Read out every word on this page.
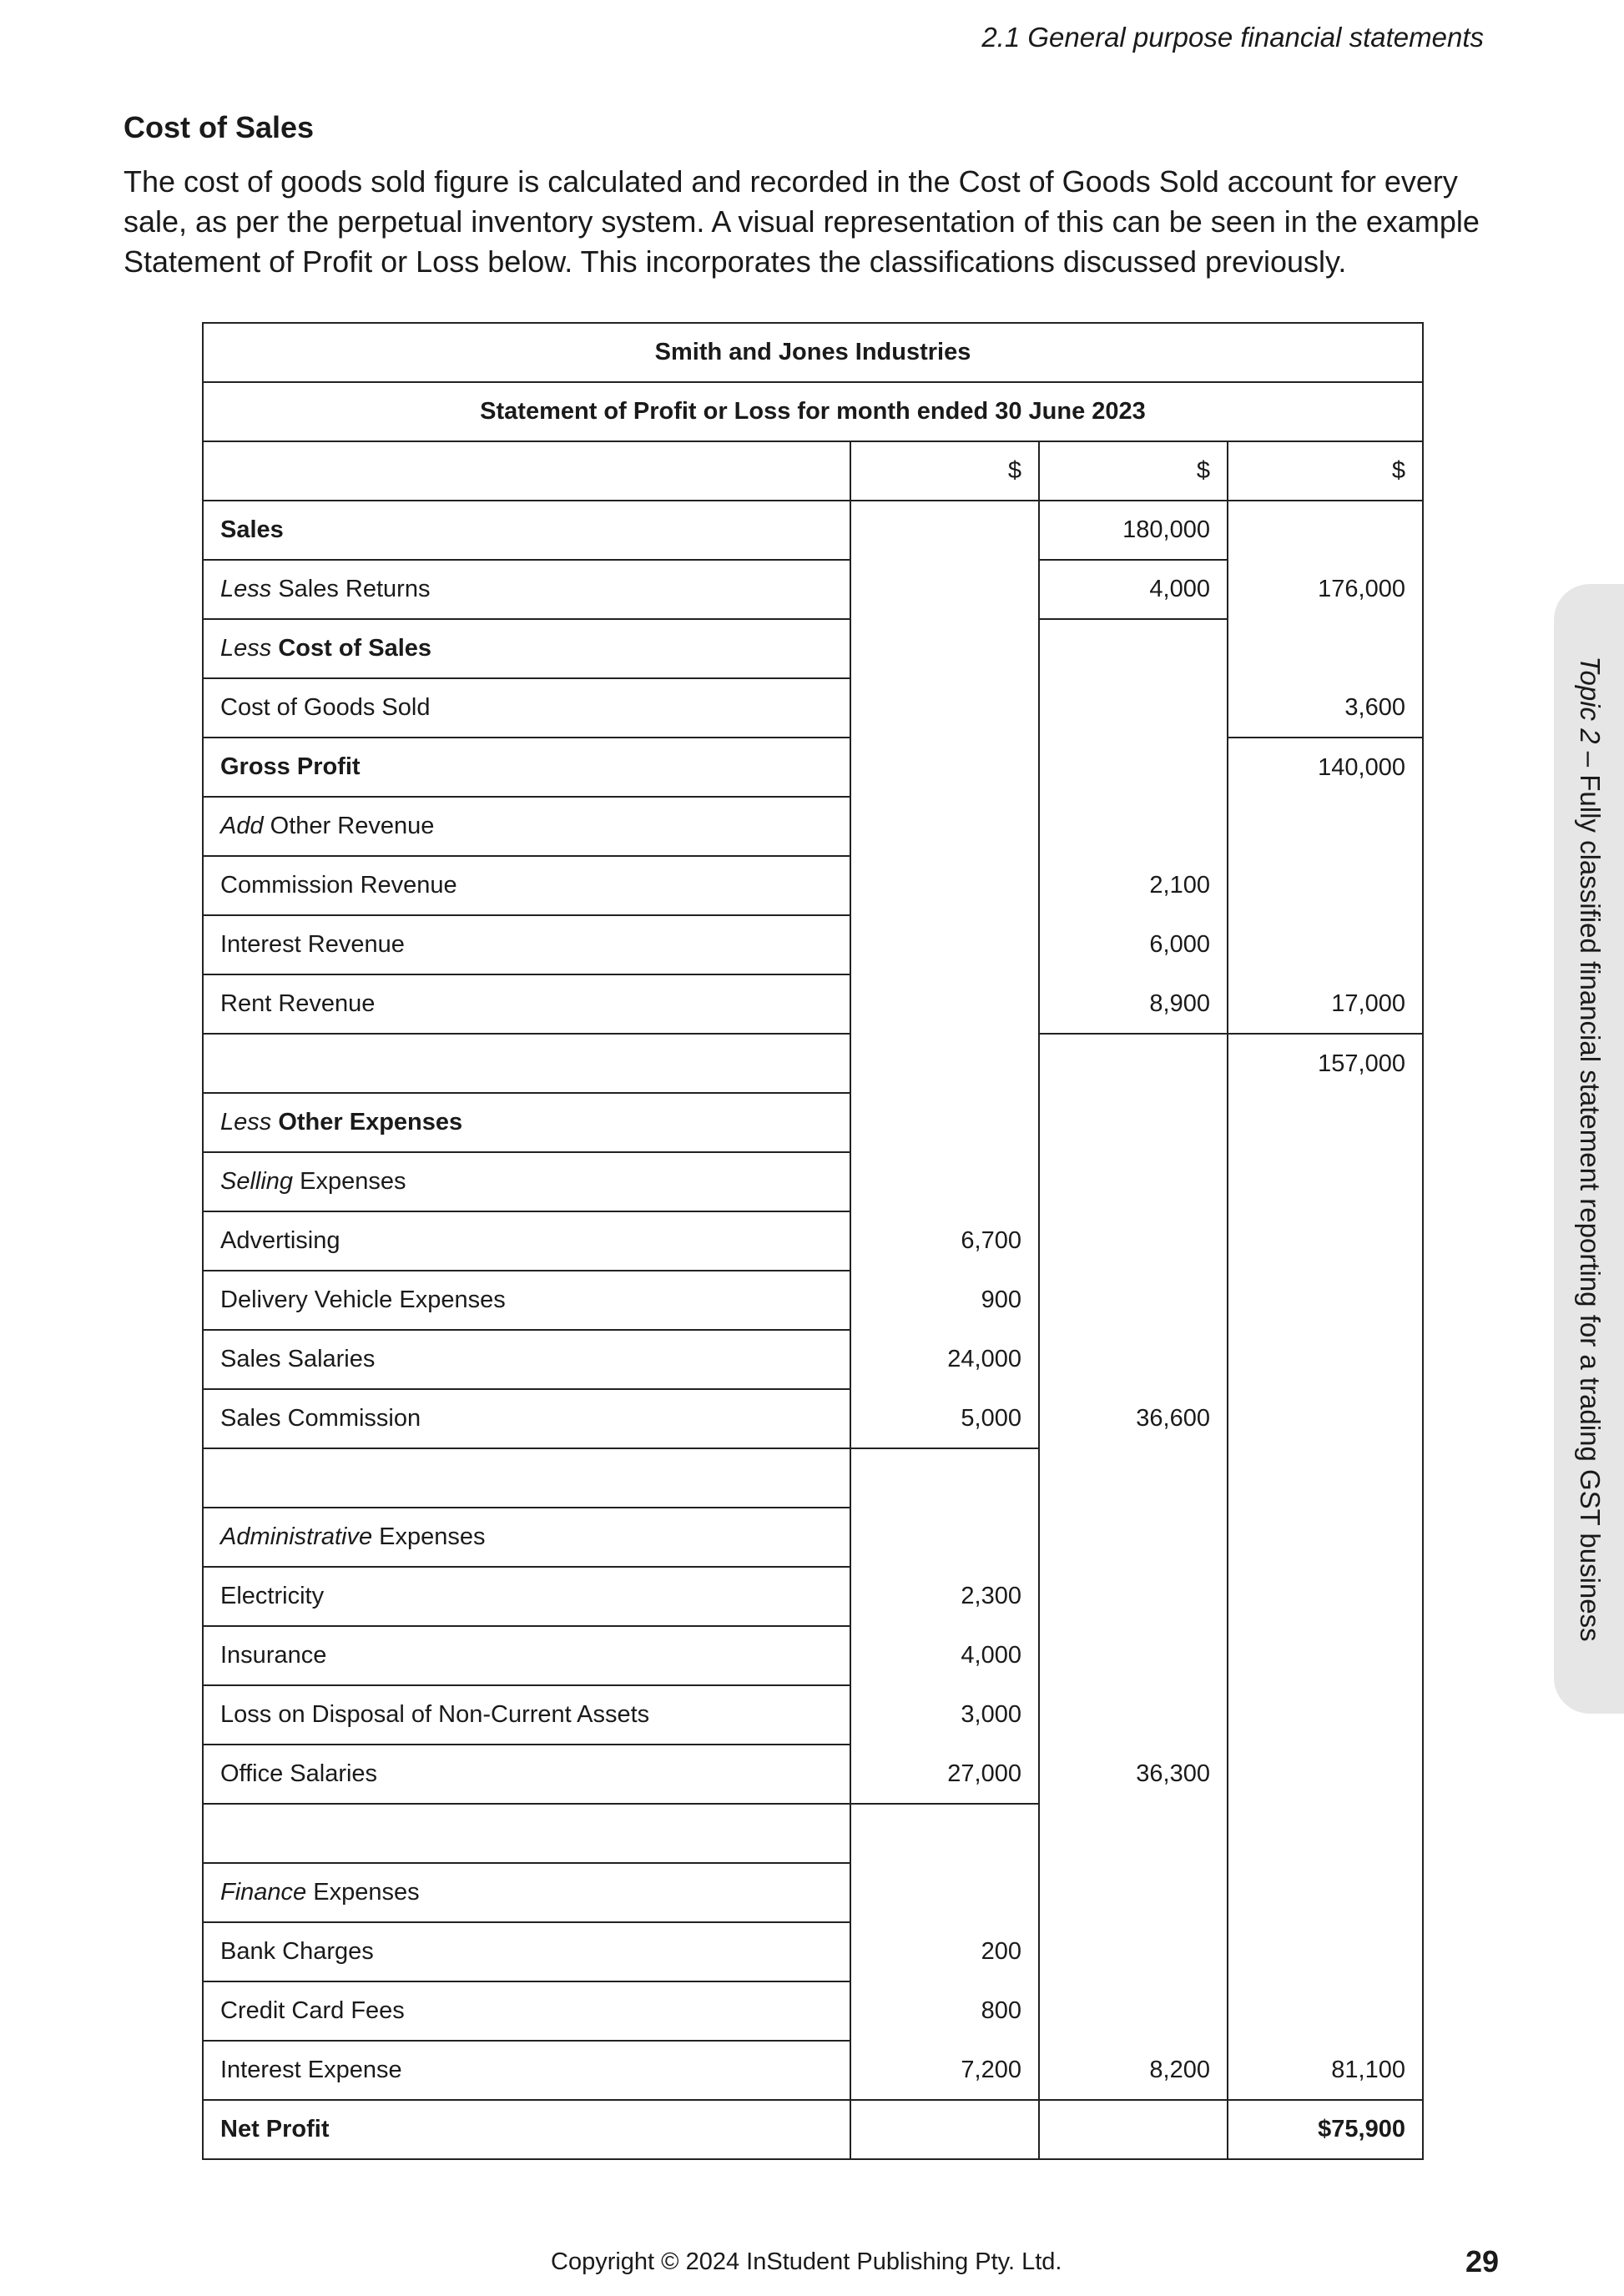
2.1 General purpose financial statements
Cost of Sales

The cost of goods sold figure is calculated and recorded in the Cost of Goods Sold account for every sale, as per the perpetual inventory system. A visual representation of this can be seen in the example Statement of Profit or Loss below. This incorporates the classifications discussed previously.

Smith and Jones Industries			
Statement of Profit or Loss for month ended 30 June 2023			
	$	$	$
Sales		180,000	
Less Sales Returns		4,000	176,000
Less Cost of Sales			
Cost of Goods Sold			3,600
Gross Profit			140,000
Add Other Revenue			
Commission Revenue		2,100	
Interest Revenue		6,000	
Rent Revenue		8,900	17,000
			157,000
Less Other Expenses			
Selling Expenses			
Advertising	6,700		
Delivery Vehicle Expenses	900		
Sales Salaries	24,000		
Sales Commission	5,000	36,600	

Administrative Expenses			
Electricity	2,300		
Insurance	4,000		
Loss on Disposal of Non-Current Assets	3,000		
Office Salaries	27,000	36,300	

Finance Expenses			
Bank Charges	200		
Credit Card Fees	800		
Interest Expense	7,200	8,200	81,100
Net Profit			$75,900
Topic 2 – Fully classified financial statement reporting for a trading GST business
Copyright © 2024 InStudent Publishing Pty. Ltd.	29
